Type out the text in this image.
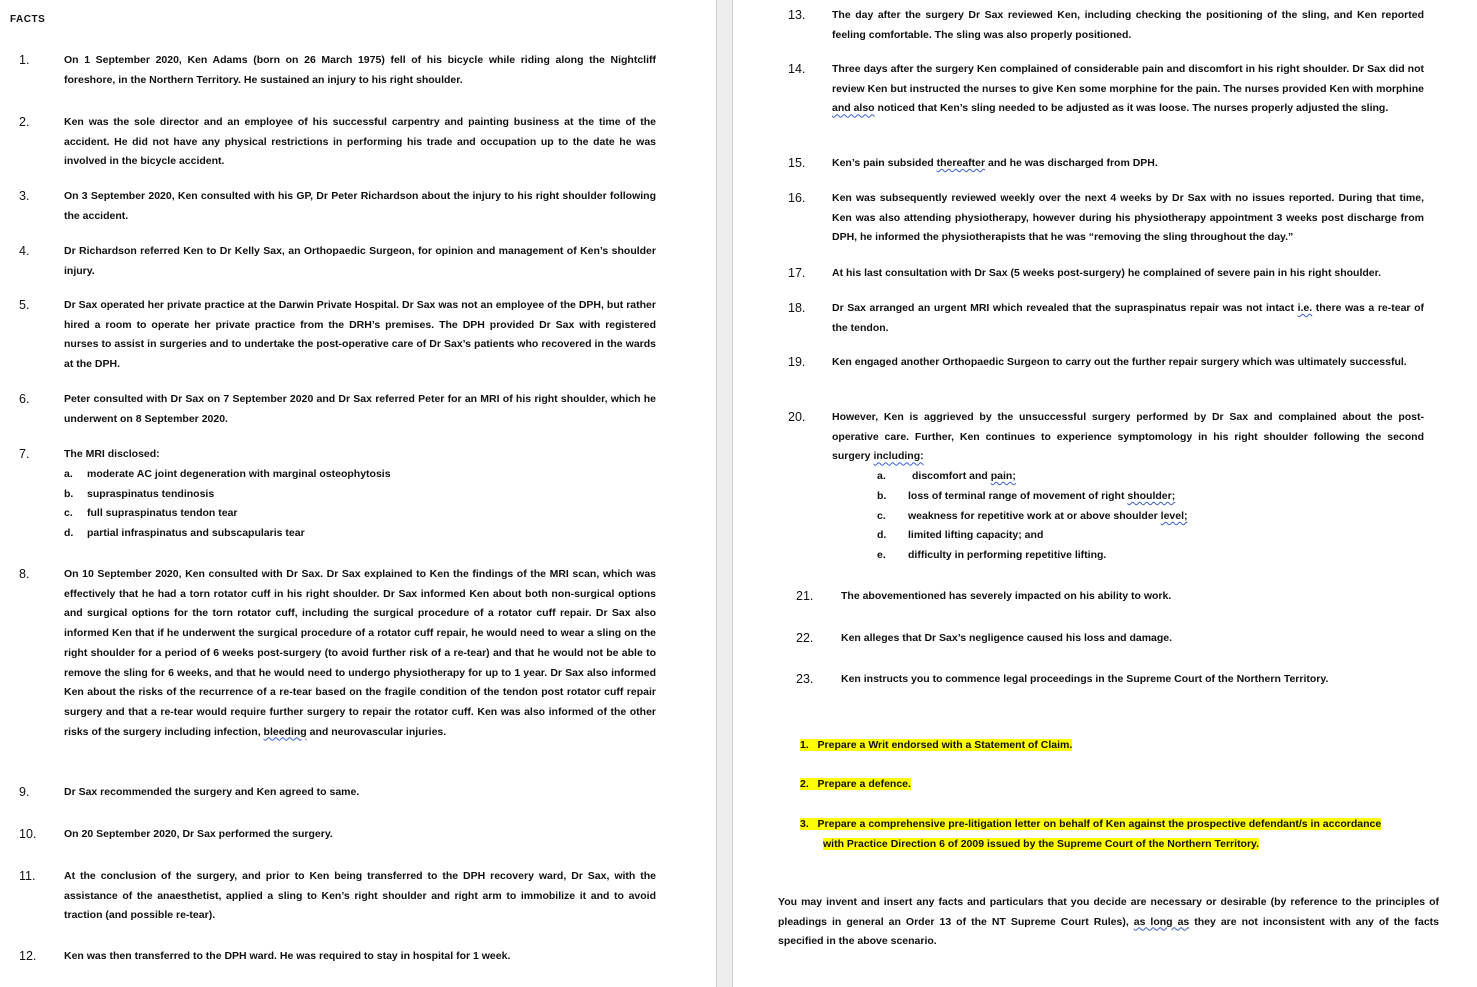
FACTS
1.	On 1 September 2020, Ken Adams (born on 26 March 1975) fell of his bicycle while riding along the Nightcliff foreshore, in the Northern Territory. He sustained an injury to his right shoulder.
2.	Ken was the sole director and an employee of his successful carpentry and painting business at the time of the accident. He did not have any physical restrictions in performing his trade and occupation up to the date he was involved in the bicycle accident.
3.	On 3 September 2020, Ken consulted with his GP, Dr Peter Richardson about the injury to his right shoulder following the accident.
4.	Dr Richardson referred Ken to Dr Kelly Sax, an Orthopaedic Surgeon, for opinion and management of Ken’s shoulder injury.
5.	Dr Sax operated her private practice at the Darwin Private Hospital. Dr Sax was not an employee of the DPH, but rather hired a room to operate her private practice from the DRH’s premises. The DPH provided Dr Sax with registered nurses to assist in surgeries and to undertake the post-operative care of Dr Sax’s patients who recovered in the wards at the DPH.
6.	Peter consulted with Dr Sax on 7 September 2020 and Dr Sax referred Peter for an MRI of his right shoulder, which he underwent on 8 September 2020.
7.	The MRI disclosed:
a. moderate AC joint degeneration with marginal osteophytosis
b. supraspinatus tendinosis
c. full supraspinatus tendon tear
d. partial infraspinatus and subscapularis tear
8.	On 10 September 2020, Ken consulted with Dr Sax. Dr Sax explained to Ken the findings of the MRI scan, which was effectively that he had a torn rotator cuff in his right shoulder. Dr Sax informed Ken about both non-surgical options and surgical options for the torn rotator cuff, including the surgical procedure of a rotator cuff repair. Dr Sax also informed Ken that if he underwent the surgical procedure of a rotator cuff repair, he would need to wear a sling on the right shoulder for a period of 6 weeks post-surgery (to avoid further risk of a re-tear) and that he would not be able to remove the sling for 6 weeks, and that he would need to undergo physiotherapy for up to 1 year. Dr Sax also informed Ken about the risks of the recurrence of a re-tear based on the fragile condition of the tendon post rotator cuff repair surgery and that a re-tear would require further surgery to repair the rotator cuff. Ken was also informed of the other risks of the surgery including infection, bleeding and neurovascular injuries.
9.	Dr Sax recommended the surgery and Ken agreed to same.
10.	On 20 September 2020, Dr Sax performed the surgery.
11.	At the conclusion of the surgery, and prior to Ken being transferred to the DPH recovery ward, Dr Sax, with the assistance of the anaesthetist, applied a sling to Ken’s right shoulder and right arm to immobilize it and to avoid traction (and possible re-tear).
12.	Ken was then transferred to the DPH ward. He was required to stay in hospital for 1 week.
13.	The day after the surgery Dr Sax reviewed Ken, including checking the positioning of the sling, and Ken reported feeling comfortable. The sling was also properly positioned.
14.	Three days after the surgery Ken complained of considerable pain and discomfort in his right shoulder. Dr Sax did not review Ken but instructed the nurses to give Ken some morphine for the pain. The nurses provided Ken with morphine and also noticed that Ken’s sling needed to be adjusted as it was loose. The nurses properly adjusted the sling.
15.	Ken’s pain subsided thereafter and he was discharged from DPH.
16.	Ken was subsequently reviewed weekly over the next 4 weeks by Dr Sax with no issues reported. During that time, Ken was also attending physiotherapy, however during his physiotherapy appointment 3 weeks post discharge from DPH, he informed the physiotherapists that he was “removing the sling throughout the day.”
17.	At his last consultation with Dr Sax (5 weeks post-surgery) he complained of severe pain in his right shoulder.
18.	Dr Sax arranged an urgent MRI which revealed that the supraspinatus repair was not intact i.e. there was a re-tear of the tendon.
19.	Ken engaged another Orthopaedic Surgeon to carry out the further repair surgery which was ultimately successful.
20.	However, Ken is aggrieved by the unsuccessful surgery performed by Dr Sax and complained about the post-operative care. Further, Ken continues to experience symptomology in his right shoulder following the second surgery including:
a. discomfort and pain;
b. loss of terminal range of movement of right shoulder;
c. weakness for repetitive work at or above shoulder level;
d. limited lifting capacity; and
e. difficulty in performing repetitive lifting.
21.	The abovementioned has severely impacted on his ability to work.
22.	Ken alleges that Dr Sax’s negligence caused his loss and damage.
23.	Ken instructs you to commence legal proceedings in the Supreme Court of the Northern Territory.
1. Prepare a Writ endorsed with a Statement of Claim.
2. Prepare a defence.
3. Prepare a comprehensive pre-litigation letter on behalf of Ken against the prospective defendant/s in accordance
with Practice Direction 6 of 2009 issued by the Supreme Court of the Northern Territory.
You may invent and insert any facts and particulars that you decide are necessary or desirable (by reference to the principles of pleadings in general an Order 13 of the NT Supreme Court Rules), as long as they are not inconsistent with any of the facts specified in the above scenario.
